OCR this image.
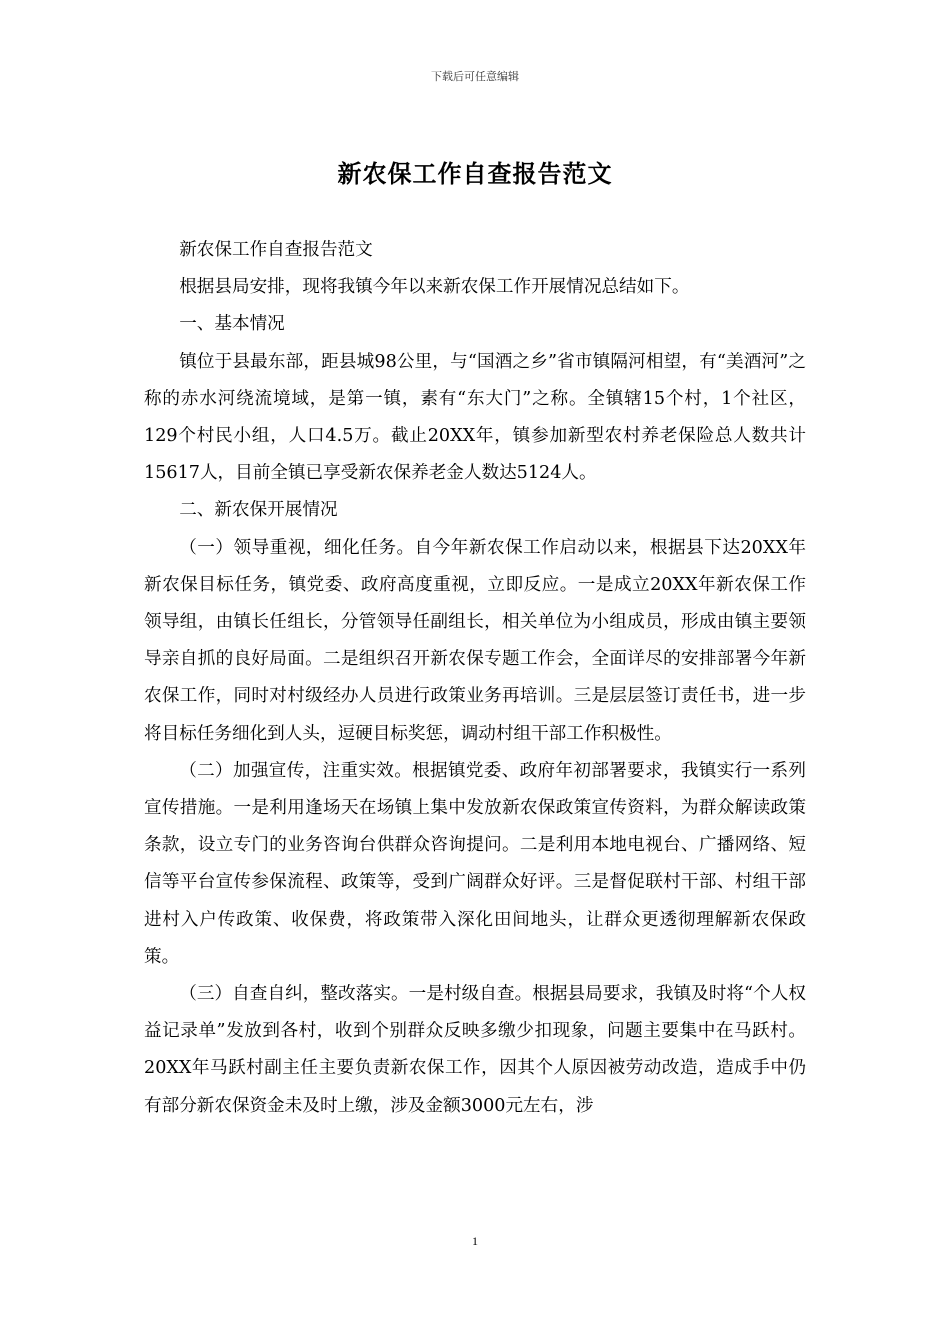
下载后可任意编辑
新农保工作自查报告范文

新农保工作自查报告范文

根据县局安排，现将我镇今年以来新农保工作开展情况总结如下。

一、基本情况

镇位于县最东部，距县城98公里，与“国酒之乡”省市镇隔河相望，有“美酒河”之称的赤水河绕流境域，是第一镇，素有“东大门”之称。全镇辖15个村，1个社区，129个村民小组，人口4.5万。截止20XX年，镇参加新型农村养老保险总人数共计15617人，目前全镇已享受新农保养老金人数达5124人。

二、新农保开展情况

（一）领导重视，细化任务。自今年新农保工作启动以来，根据县下达20XX年新农保目标任务，镇党委、政府高度重视，立即反应。一是成立20XX年新农保工作领导组，由镇长任组长，分管领导任副组长，相关单位为小组成员，形成由镇主要领导亲自抓的良好局面。二是组织召开新农保专题工作会，全面详尽的安排部署今年新农保工作，同时对村级经办人员进行政策业务再培训。三是层层签订责任书，进一步将目标任务细化到人头，逗硬目标奖惩，调动村组干部工作积极性。

（二）加强宣传，注重实效。根据镇党委、政府年初部署要求，我镇实行一系列宣传措施。一是利用逢场天在场镇上集中发放新农保政策宣传资料，为群众解读政策条款，设立专门的业务咨询台供群众咨询提问。二是利用本地电视台、广播网络、短信等平台宣传参保流程、政策等，受到广阔群众好评。三是督促联村干部、村组干部进村入户传政策、收保费，将政策带入深化田间地头，让群众更透彻理解新农保政策。

（三）自查自纠，整改落实。一是村级自查。根据县局要求，我镇及时将“个人权益记录单”发放到各村，收到个别群众反映多缴少扣现象，问题主要集中在马跃村。20XX年马跃村副主任主要负责新农保工作，因其个人原因被劳动改造，造成手中仍有部分新农保资金未及时上缴，涉及金额3000元左右，涉

1
